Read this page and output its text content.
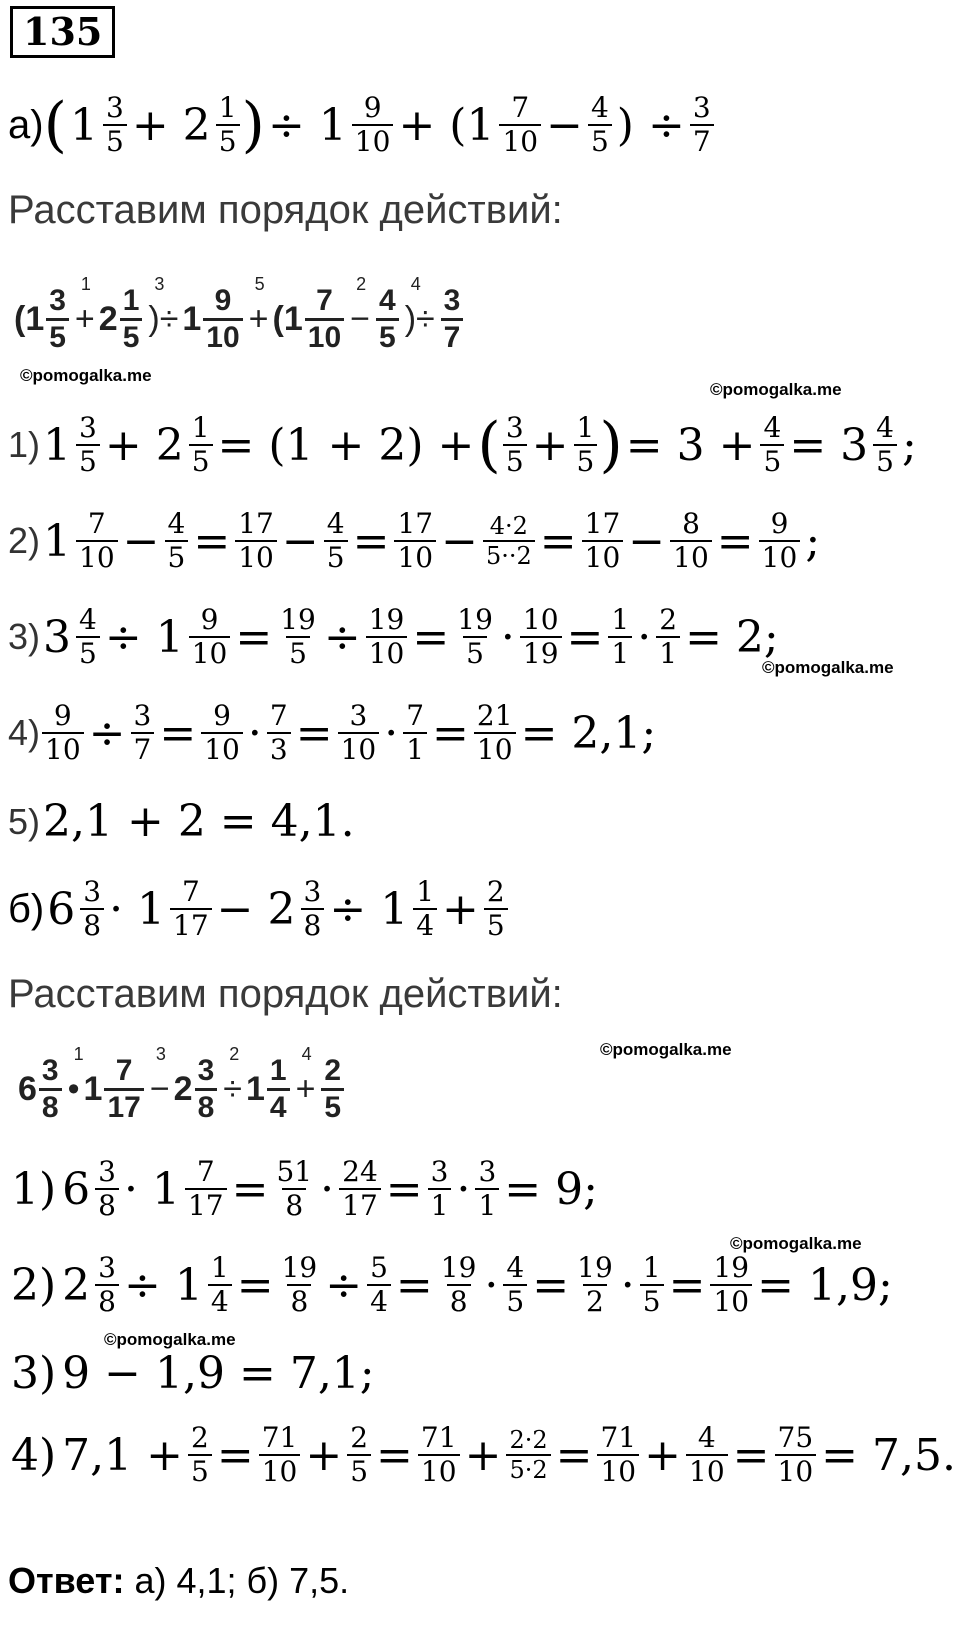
135
а) ( $1 \frac{3}{5} + 2 \frac{1}{5}$ ) ÷ $1 \frac{9}{10} + (1 \frac{7}{10} - \frac{4}{5}$ ) ÷ $\frac{3}{7}$
Расставим порядок действий:
($1 \frac{3}{5}$ +
1
$2 \frac{1}{5}$ )÷
3
$1 \frac{9}{10}$ +
5
($1 \frac{7}{10}$ −
$2 \frac{4}{5}$ )÷
$4 \frac{3}{7}$
©pomogalka.me
©pomogalka.me
1) $1 \frac{3}{5} + 2 \frac{1}{5} = (1 + 2)$ + ( $\frac{3}{5} + \frac{1}{5}$ ) = $3 + \frac{4}{5} = 3 \frac{4}{5}$ ;
2) $1 \frac{7}{10} - \frac{4}{5} = \frac{17}{10} - \frac{4}{5} = \frac{17}{10} - \frac{4\cdot 2}{5\cdot\cdot 2} = \frac{17}{10} - \frac{8}{10} = \frac{9}{10}$ ;
3) $3 \frac{4}{5} \div 1 \frac{9}{10} = \frac{19}{5} \div \frac{19}{10} = \frac{19}{5} \cdot \frac{10}{19} = \frac{1}{1} \cdot \frac{2}{1} = 2$;
©pomogalka.me
$4) \frac{9}{10} \div \frac{3}{7} = \frac{9}{10} \cdot \frac{7}{3} = \frac{3}{10} \cdot \frac{7}{1} = \frac{21}{10} = 2,1$;
5) 2,1 + 2 = 4,1.
б) $6 \frac{3}{8} \cdot 1 \frac{7}{17} - 2 \frac{3}{8} \div 1 \frac{1}{4} + \frac{2}{5}$
Расставим порядок действий:
$6 \frac{3}{8}$ •
1
$1 \frac{7}{17}$ −
3
$2 \frac{3}{8}$ ÷
2
$1 \frac{1}{4}$ +
$4 \frac{2}{5}$
©pomogalka.me
1) $6 \frac{3}{8} \cdot 1 \frac{7}{17} = \frac{51}{8} \cdot \frac{24}{17} = \frac{3}{1} \cdot \frac{3}{1} = 9$;
©pomogalka.me
2) $2 \frac{3}{8} \div 1 \frac{1}{4} = \frac{19}{8} \div \frac{5}{4} = \frac{19}{8} \cdot \frac{4}{5} = \frac{19}{2} \cdot \frac{1}{5} = \frac{19}{10} = 1,9$;
©pomogalka.me
3) 9 − 1,9 = 7,1;
4) $7,1 + \frac{2}{5} = \frac{71}{10} + \frac{2}{5} = \frac{71}{10} + \frac{2\cdot 2}{5\cdot 2} = \frac{71}{10} + \frac{4}{10} = \frac{75}{10} = 7,5$.
Ответ: а) 4,1; б) 7,5.
